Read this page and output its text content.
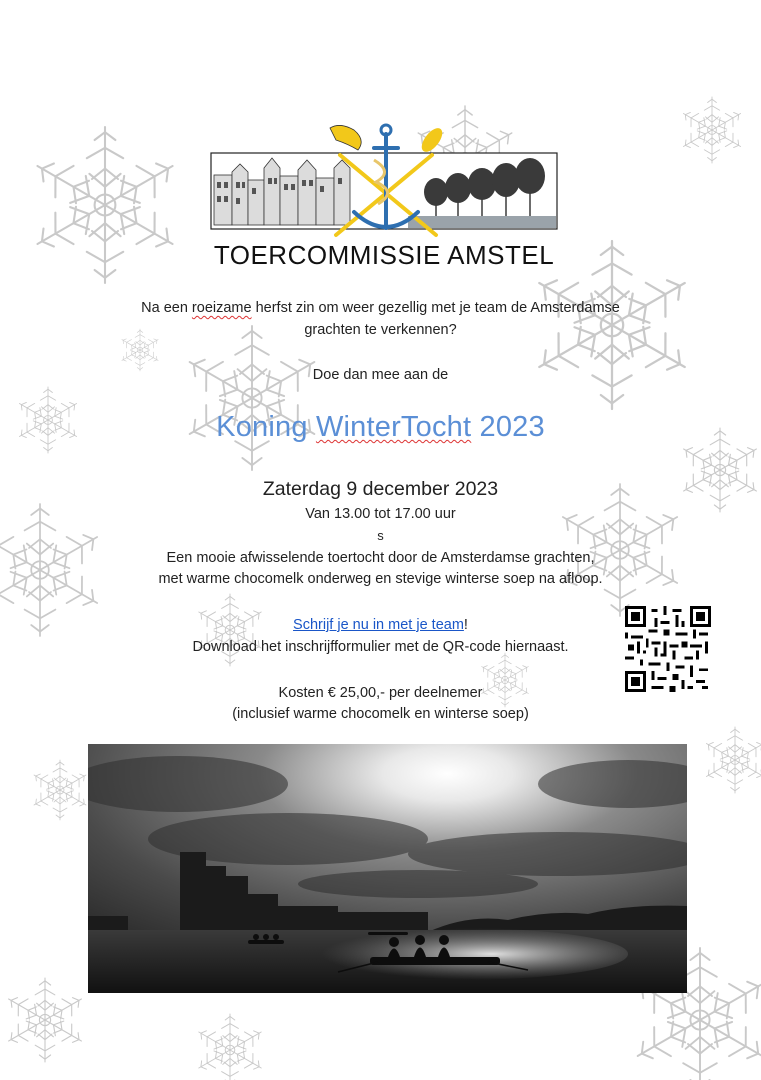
TOERCOMMISSIE AMSTEL
Na een roeizame herfst zin om weer gezellig met je team de Amsterdamse
grachten te verkennen?
Doe dan mee aan de
Koning WinterTocht 2023
Zaterdag 9 december 2023
Van 13.00 tot 17.00 uur
s
Een mooie afwisselende toertocht door de Amsterdamse grachten,
met warme chocomelk onderweg en stevige winterse soep na afloop.
Schrijf je nu in met je team!
Download het inschrijfformulier met de QR-code hiernaast.
Kosten € 25,00,- per deelnemer
(inclusief warme chocomelk en winterse soep)
